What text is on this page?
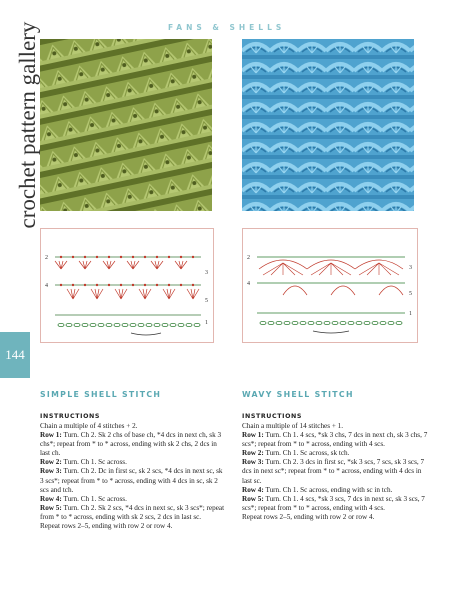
FANS & SHELLS
crochet pattern gallery
2
3
4
5
1
2
3
4
5
1
144
SIMPLE SHELL STITCH	WAVY SHELL STITCH
INSTRUCTIONS	INSTRUCTIONS

Chain a multiple of 4 stitches + 2.

Row 1: Turn. Ch 2. Sk 2 chs of base ch, *4 dcs in next ch, sk 3 chs*; repeat from * to * across, ending with sk 2 chs, 2 dcs in last ch.

Row 2: Turn. Ch 1. Sc across.

Row 3: Turn. Ch 2. Dc in first sc, sk 2 scs, *4 dcs in next sc, sk 3 scs*; repeat from * to * across, ending with 4 dcs in sc, sk 2 scs and tch.

Row 4: Turn. Ch 1. Sc across.

Row 5: Turn. Ch 2. Sk 2 scs, *4 dcs in next sc, sk 3 scs*; repeat from * to * across, ending with sk 2 scs, 2 dcs in last sc.

Repeat rows 2–5, ending with row 2 or row 4.

Chain a multiple of 14 stitches + 1.

Row 1: Turn. Ch 1. 4 scs, *sk 3 chs, 7 dcs in next ch, sk 3 chs, 7 scs*; repeat from * to * across, ending with 4 scs.

Row 2: Turn. Ch 1. Sc across, sk tch.

Row 3: Turn. Ch 2. 3 dcs in first sc, *sk 3 scs, 7 scs, sk 3 scs, 7 dcs in next sc*; repeat from * to * across, ending with 4 dcs in last sc.

Row 4: Turn. Ch 1. Sc across, ending with sc in tch.

Row 5: Turn. Ch 1. 4 scs, *sk 3 scs, 7 dcs in next sc, sk 3 scs, 7 scs*; repeat from * to * across, ending with 4 scs.

Repeat rows 2–5, ending with row 2 or row 4.
